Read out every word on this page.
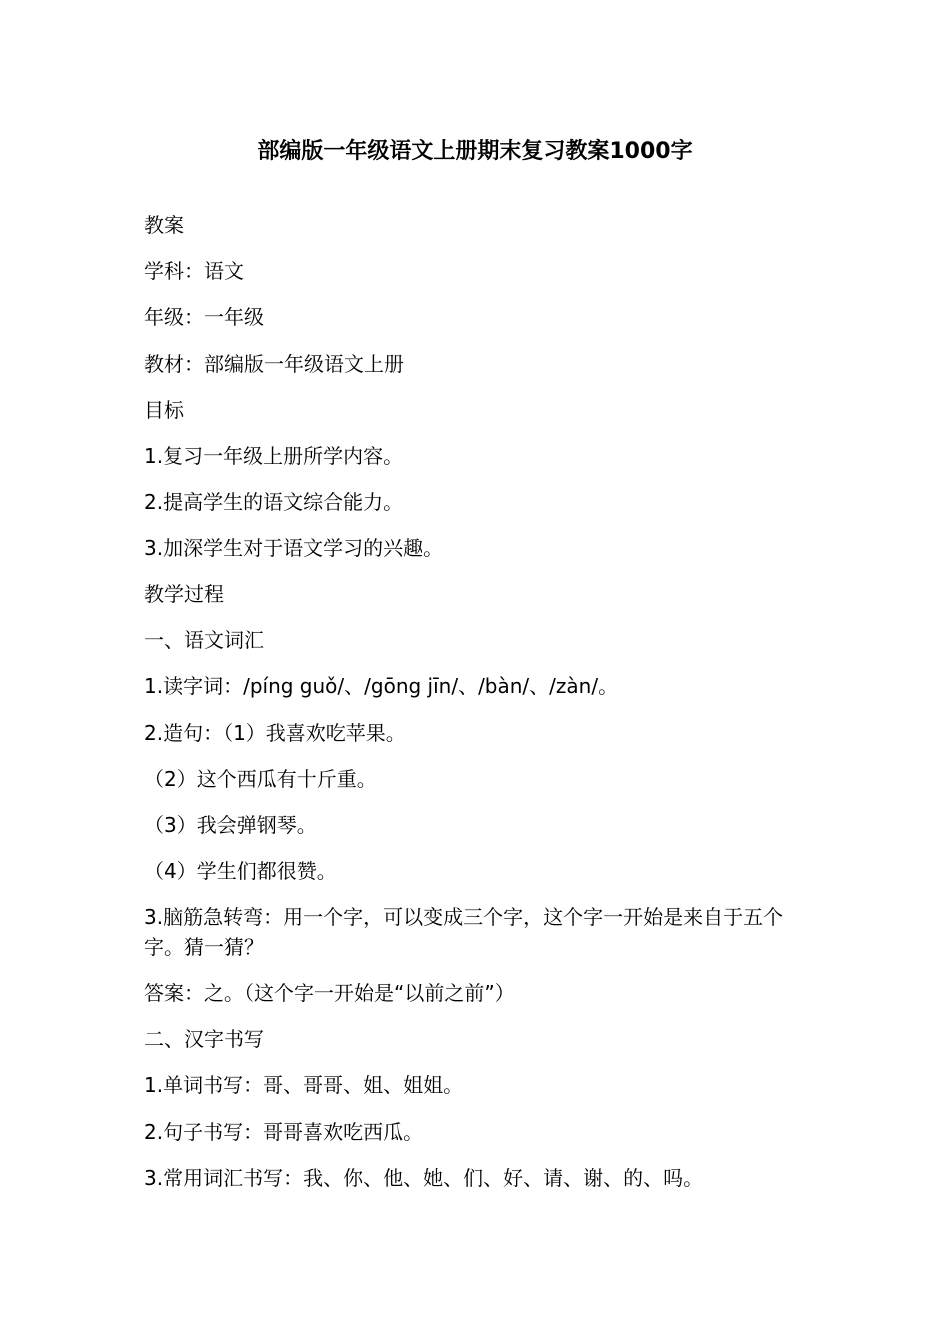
部编版一年级语文上册期末复习教案1000字
教案
学科：语文
年级：一年级
教材：部编版一年级语文上册
目标
1.复习一年级上册所学内容。
2.提高学生的语文综合能力。
3.加深学生对于语文学习的兴趣。
教学过程
一、语文词汇
1.读字词：/píng guǒ/、/gōng jīn/、/bàn/、/zàn/。
2.造句：（1）我喜欢吃苹果。
（2）这个西瓜有十斤重。
（3）我会弹钢琴。
（4）学生们都很赞。
3.脑筋急转弯：用一个字，可以变成三个字，这个字一开始是来自于五个字。猜一猜？
答案：之。（这个字一开始是“以前之前”）
二、汉字书写
1.单词书写：哥、哥哥、姐、姐姐。
2.句子书写：哥哥喜欢吃西瓜。
3.常用词汇书写：我、你、他、她、们、好、请、谢、的、吗。
